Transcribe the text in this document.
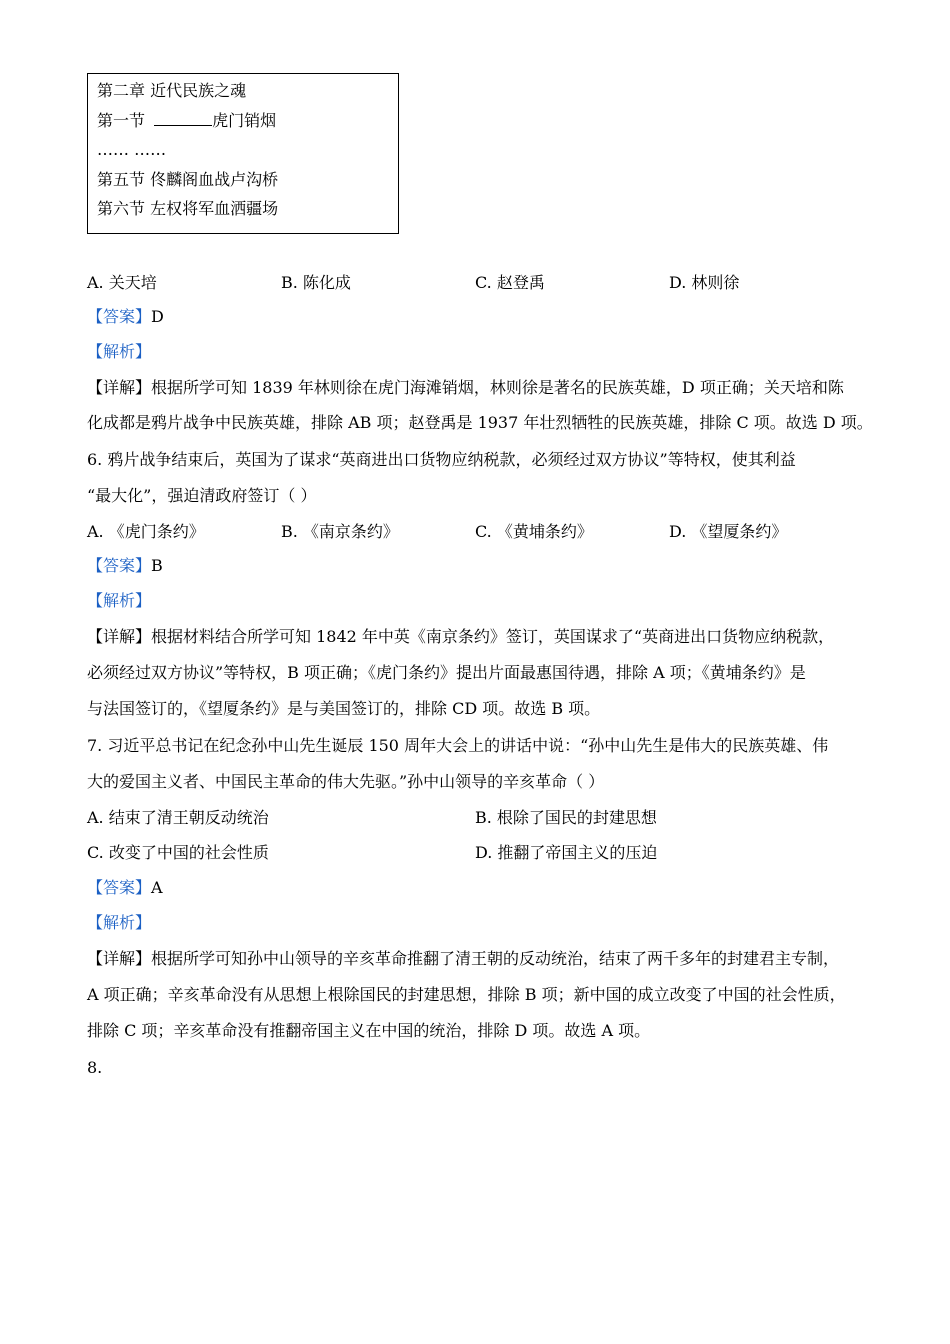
第二章 近代民族之魂
第一节	虎门销烟
…… ……
第五节 佟麟阁血战卢沟桥
第六节 左权将军血洒疆场
A. 关天培	B. 陈化成	C. 赵登禹	D. 林则徐
【答案】D
【解析】
【详解】根据所学可知 1839 年林则徐在虎门海滩销烟，林则徐是著名的民族英雄，D 项正确；关天培和陈
化成都是鸦片战争中民族英雄，排除 AB 项；赵登禹是 1937 年壮烈牺牲的民族英雄，排除 C 项。故选 D 项。
6. 鸦片战争结束后，英国为了谋求“英商进出口货物应纳税款，必须经过双方协议”等特权，使其利益
“最大化”，强迫清政府签订（ ）
A. 《虎门条约》	B. 《南京条约》	C. 《黄埔条约》	D. 《望厦条约》
【答案】B
【解析】
【详解】根据材料结合所学可知 1842 年中英《南京条约》签订，英国谋求了“英商进出口货物应纳税款，
必须经过双方协议”等特权，B 项正确；《虎门条约》提出片面最惠国待遇，排除 A 项；《黄埔条约》是
与法国签订的，《望厦条约》是与美国签订的，排除 CD 项。故选 B 项。
7. 习近平总书记在纪念孙中山先生诞辰 150 周年大会上的讲话中说：“孙中山先生是伟大的民族英雄、伟
大的爱国主义者、中国民主革命的伟大先驱。”孙中山领导的辛亥革命（ ）
A. 结束了清王朝反动统治	B. 根除了国民的封建思想
C. 改变了中国的社会性质	D. 推翻了帝国主义的压迫
【答案】A
【解析】
【详解】根据所学可知孙中山领导的辛亥革命推翻了清王朝的反动统治，结束了两千多年的封建君主专制，
A 项正确；辛亥革命没有从思想上根除国民的封建思想，排除 B 项；新中国的成立改变了中国的社会性质，
排除 C 项；辛亥革命没有推翻帝国主义在中国的统治，排除 D 项。故选 A 项。
8.
